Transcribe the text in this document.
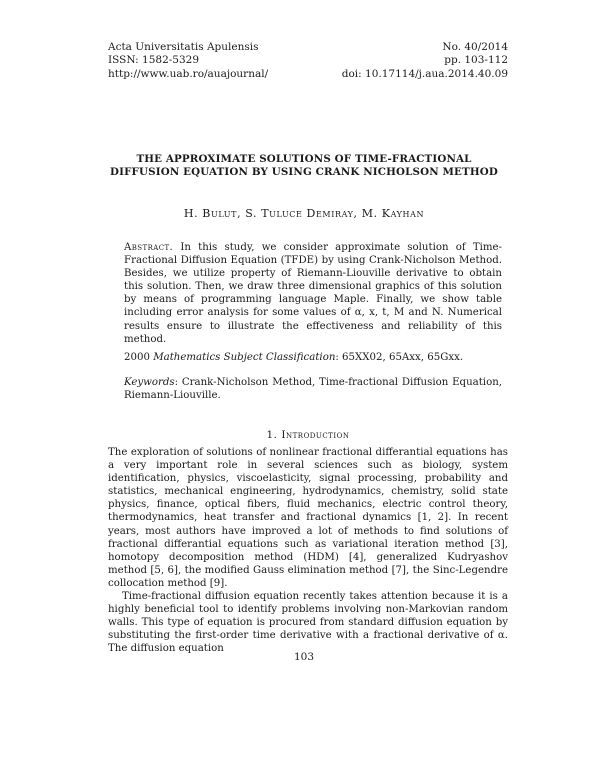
Acta Universitatis Apulensis
ISSN: 1582-5329
http://www.uab.ro/auajournal/
No. 40/2014
pp. 103-112
doi: 10.17114/j.aua.2014.40.09
THE APPROXIMATE SOLUTIONS OF TIME-FRACTIONAL DIFFUSION EQUATION BY USING CRANK NICHOLSON METHOD
H. Bulut, S. Tuluce Demiray, M. Kayhan
Abstract. In this study, we consider approximate solution of Time-Fractional Diffusion Equation (TFDE) by using Crank-Nicholson Method. Besides, we utilize property of Riemann-Liouville derivative to obtain this solution. Then, we draw three dimensional graphics of this solution by means of programming language Maple. Finally, we show table including error analysis for some values of α, x, t, M and N. Numerical results ensure to illustrate the effectiveness and reliability of this method.
2000 Mathematics Subject Classification: 65XX02, 65Axx, 65Gxx.
Keywords: Crank-Nicholson Method, Time-fractional Diffusion Equation, Riemann-Liouville.
1. Introduction

The exploration of solutions of nonlinear fractional differantial equations has a very important role in several sciences such as biology, system identification, physics, viscoelasticity, signal processing, probability and statistics, mechanical engineering, hydrodynamics, chemistry, solid state physics, finance, optical fibers, fluid mechanics, electric control theory, thermodynamics, heat transfer and fractional dynamics [1, 2]. In recent years, most authors have improved a lot of methods to find solutions of fractional differantial equations such as variational iteration method [3], homotopy decomposition method (HDM) [4], generalized Kudryashov method [5, 6], the modified Gauss elimination method [7], the Sinc-Legendre collocation method [9].

Time-fractional diffusion equation recently takes attention because it is a highly beneficial tool to identify problems involving non-Markovian random walls. This type of equation is procured from standard diffusion equation by substituting the first-order time derivative with a fractional derivative of α. The diffusion equation

103
